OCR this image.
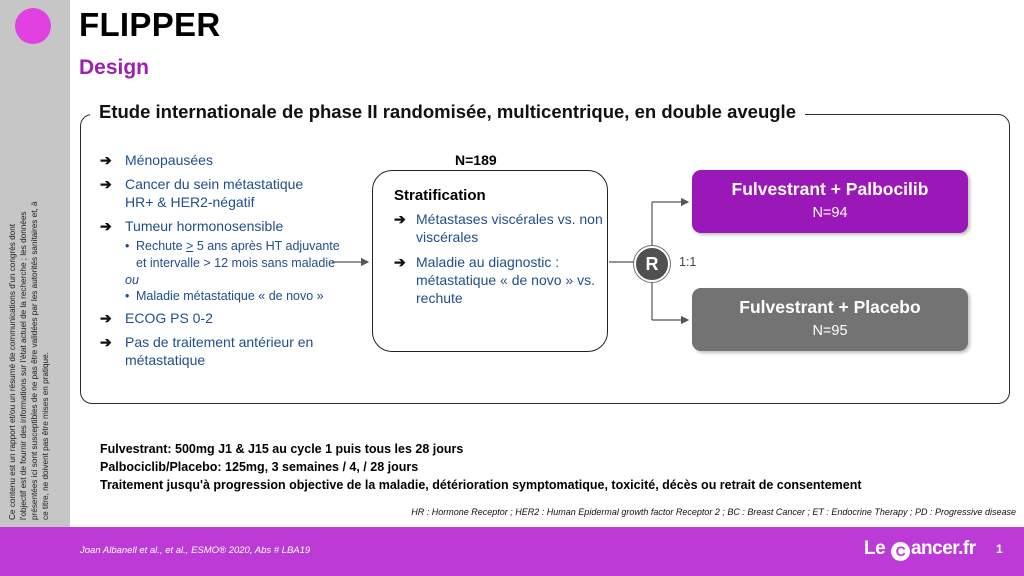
Ce contenu est un rapport et/ou un résumé de communications d'un congrès dont l'objectif est de fournir des informations sur l'état actuel de la recherche ; les données présentées ici sont susceptibles de ne pas être validées par les autorités sanitaires et, à ce titre, ne doivent pas être mises en pratique.
FLIPPER
Design
Etude internationale de phase II randomisée, multicentrique, en double aveugle
➔ Ménopausées
➔ Cancer du sein métastatique
HR+ & HER2-négatif
➔ Tumeur hormonosensible
• Rechute > 5 ans après HT adjuvante et intervalle > 12 mois sans maladie
ou
• Maladie métastatique « de novo »
➔ ECOG PS 0-2
➔ Pas de traitement antérieur en métastatique
N=189
Stratification
➔ Métastases viscérales vs. non viscérales
➔ Maladie au diagnostic : métastatique « de novo » vs. rechute
R	1:1
Fulvestrant + Palbocilib
N=94
Fulvestrant + Placebo
N=95
Fulvestrant: 500mg J1 & J15 au cycle 1 puis tous les 28 jours
Palbociclib/Placebo: 125mg, 3 semaines / 4, / 28 jours
Traitement jusqu'à progression objective de la maladie, détérioration symptomatique, toxicité, décès ou retrait de consentement
HR : Hormone Receptor ; HER2 : Human Epidermal growth factor Receptor 2 ; BC : Breast Cancer ; ET : Endocrine Therapy ; PD : Progressive disease
Joan Albanell et al., et al., ESMO® 2020, Abs # LBA19	Le C ancer.fr 1
